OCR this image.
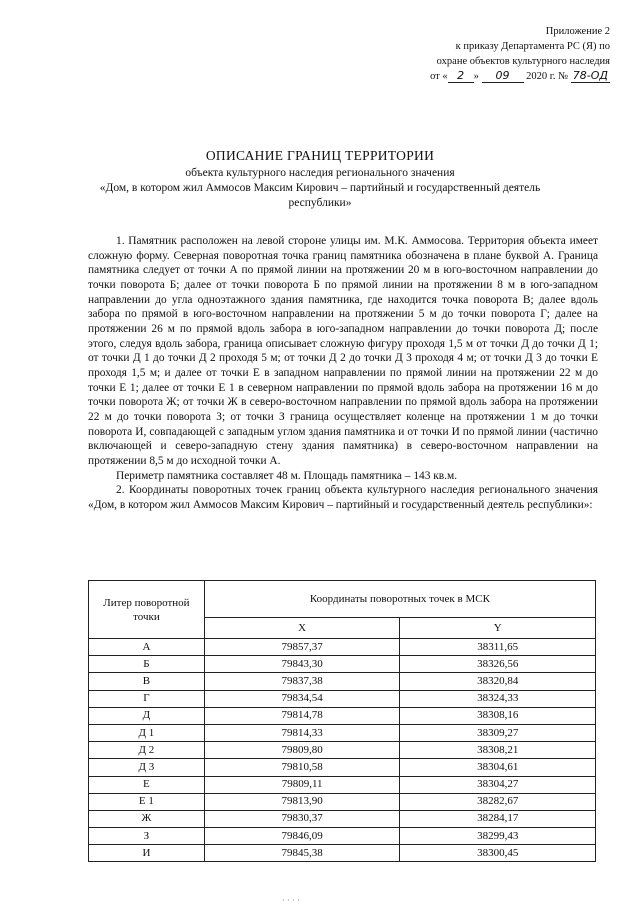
Приложение 2
к приказу Департамента РС (Я) по
охране объектов культурного наследия
от « 2 » 09 2020 г. № 78-ОД
ОПИСАНИЕ ГРАНИЦ ТЕРРИТОРИИ
объекта культурного наследия регионального значения
«Дом, в котором жил Аммосов Максим Кирович – партийный и государственный деятель
республики»

1. Памятник расположен на левой стороне улицы им. М.К. Аммосова. Территория объекта имеет сложную форму. Северная поворотная точка границ памятника обозначена в плане буквой А. Граница памятника следует от точки А по прямой линии на протяжении 20 м в юго-восточном направлении до точки поворота Б; далее от точки поворота Б по прямой линии на протяжении 8 м в юго-западном направлении до угла одноэтажного здания памятника, где находится точка поворота В; далее вдоль забора по прямой в юго-восточном направлении на протяжении 5 м до точки поворота Г; далее на протяжении 26 м по прямой вдоль забора в юго-западном направлении до точки поворота Д; после этого, следуя вдоль забора, граница описывает сложную фигуру проходя 1,5 м от точки Д до точки Д 1; от точки Д 1 до точки Д 2 проходя 5 м; от точки Д 2 до точки Д 3 проходя 4 м; от точки Д 3 до точки Е проходя 1,5 м; и далее от точки Е в западном направлении по прямой линии на протяжении 22 м до точки Е 1; далее от точки Е 1 в северном направлении по прямой вдоль забора на протяжении 16 м до точки поворота Ж; от точки Ж в северо-восточном направлении по прямой вдоль забора на протяжении 22 м до точки поворота З; от точки З граница осуществляет коленце на протяжении 1 м до точки поворота И, совпадающей с западным углом здания памятника и от точки И по прямой линии (частично включающей и северо-западную стену здания памятника) в северо-восточном направлении на протяжении 8,5 м до исходной точки А.

Периметр памятника составляет 48 м. Площадь памятника – 143 кв.м.

2. Координаты поворотных точек границ объекта культурного наследия регионального значения «Дом, в котором жил Аммосов Максим Кирович – партийный и государственный деятель республики»:

Литер поворотной точки	Координаты поворотных точек в МСК	
	X	Y
А	79857,37	38311,65
Б	79843,30	38326,56
В	79837,38	38320,84
Г	79834,54	38324,33
Д	79814,78	38308,16
Д 1	79814,33	38309,27
Д 2	79809,80	38308,21
Д 3	79810,58	38304,61
Е	79809,11	38304,27
Е 1	79813,90	38282,67
Ж	79830,37	38284,17
З	79846,09	38299,43
И	79845,38	38300,45
· · · ·
